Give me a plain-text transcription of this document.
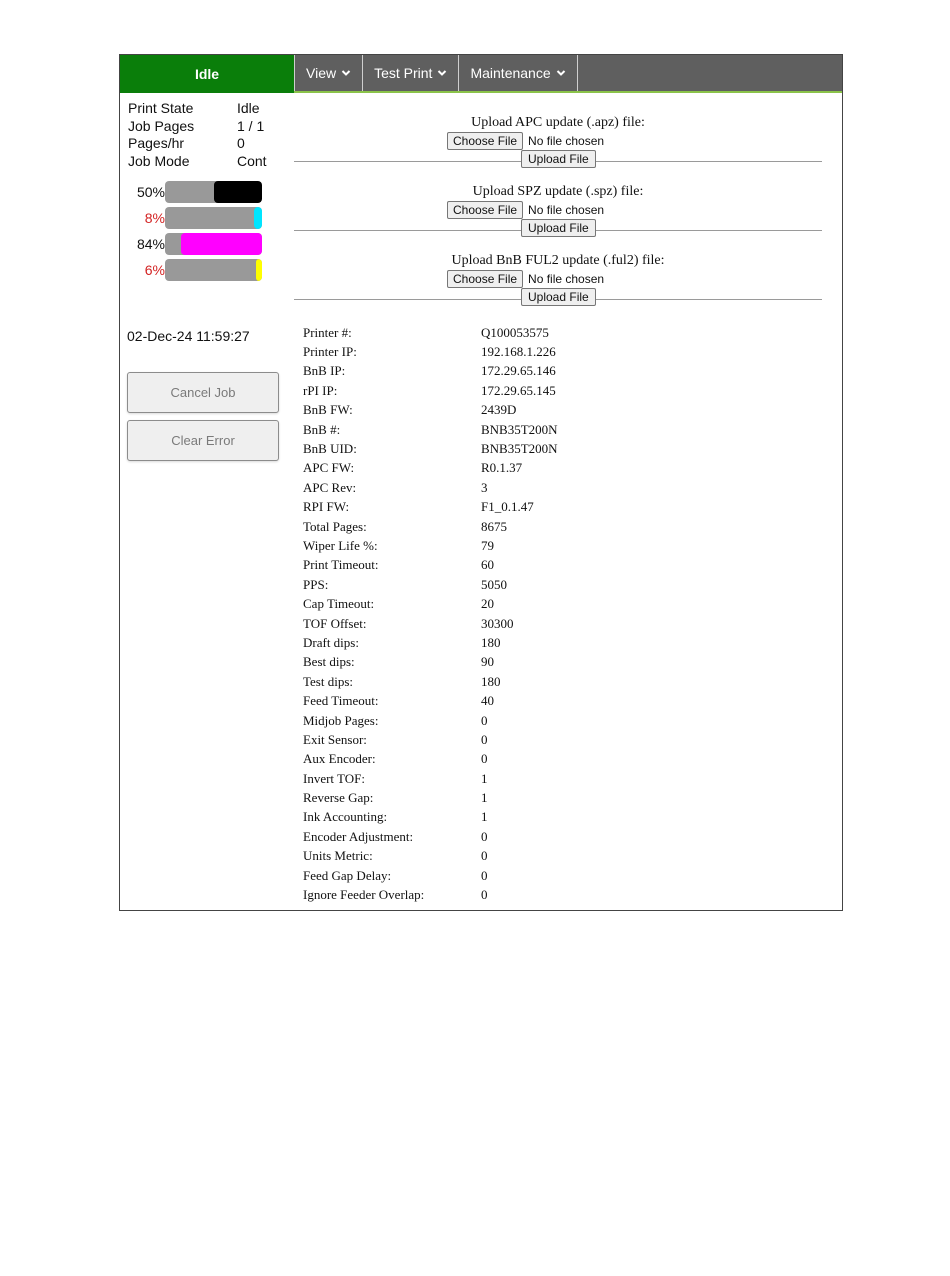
Idle	View	Test Print	Maintenance
Print State	Idle
Job Pages	1 / 1
Pages/hr	0
Job Mode	Cont
50%
8%
84%
6%
02-Dec-24 11:59:27
Cancel Job
Clear Error
Upload APC update (.apz) file:
Choose File No file chosen
Upload File
Upload SPZ update (.spz) file:
Choose File No file chosen
Upload File
Upload BnB FUL2 update (.ful2) file:
Choose File No file chosen
Upload File
Printer #:	Q100053575
Printer IP:	192.168.1.226
BnB IP:	172.29.65.146
rPI IP:	172.29.65.145
BnB FW:	2439D
BnB #:	BNB35T200N
BnB UID:	BNB35T200N
APC FW:	R0.1.37
APC Rev:	3
RPI FW:	F1_0.1.47
Total Pages:	8675
Wiper Life %:	79
Print Timeout:	60
PPS:	5050
Cap Timeout:	20
TOF Offset:	30300
Draft dips:	180
Best dips:	90
Test dips:	180
Feed Timeout:	40
Midjob Pages:	0
Exit Sensor:	0
Aux Encoder:	0
Invert TOF:	1
Reverse Gap:	1
Ink Accounting:	1
Encoder Adjustment:	0
Units Metric:	0
Feed Gap Delay:	0
Ignore Feeder Overlap:	0
